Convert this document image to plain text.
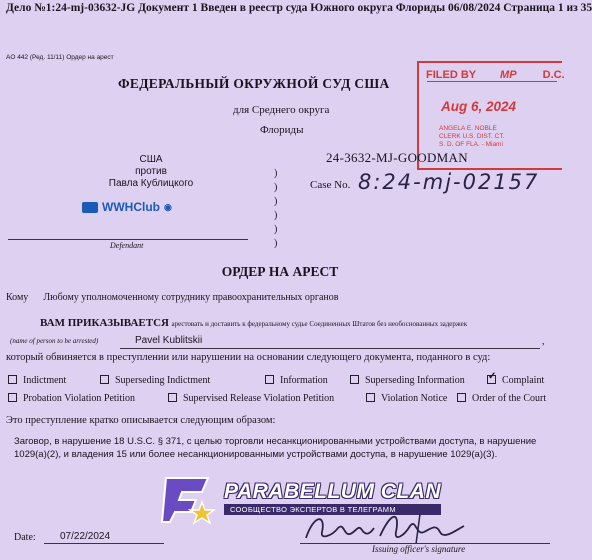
Дело №1:24-mj-03632-JG Документ 1 Введен в реестр суда Южного округа Флориды 06/08/2024 Страница 1 из 35
AO 442 (Ред. 11/11) Ордер на арест
ФЕДЕРАЛЬНЫЙ ОКРУЖНОЙ СУД США
для Среднего округа
Флориды
FILED BY MP D.C.
Aug 6, 2024
ANGELA E. NOBLE
CLERK U.S. DIST. CT.
S. D. OF FLA. - Miami
США
против
Павла Кублицкого
WWHClub ◉
Defendant
)
)
)
)
)
)
24-3632-MJ-GOODMAN
Case No. 8:24-mj-02157
ОРДЕР НА АРЕСТ
Кому Любому уполномоченному сотруднику правоохранительных органов
ВАМ ПРИКАЗЫВАЕТСЯ арестовать и доставить к федеральному судье Соединенных Штатов без необоснованных задержек
(name of person to be arrested)	Pavel Kublitskii	,
который обвиняется в преступлении или нарушении на основании следующего документа, поданного в суд:
Indictment	Superseding Indictment	Information	Superseding Information
✓	Complaint
Probation Violation Petition	Supervised Release Violation Petition	Violation Notice	Order of the Court
Это преступление кратко описывается следующим образом:
Заговор, в нарушение 18 U.S.C. § 371, с целью торговли несанкционированными устройствами доступа, в нарушение 1029(a)(2), и владения 15 или более несанкционированными устройствами доступа, в нарушение 1029(a)(3).
PARABELLUM CLAN
СООБЩЕСТВО ЭКСПЕРТОВ В ТЕЛЕГРАММ
Date: 07/22/2024
Issuing officer's signature
